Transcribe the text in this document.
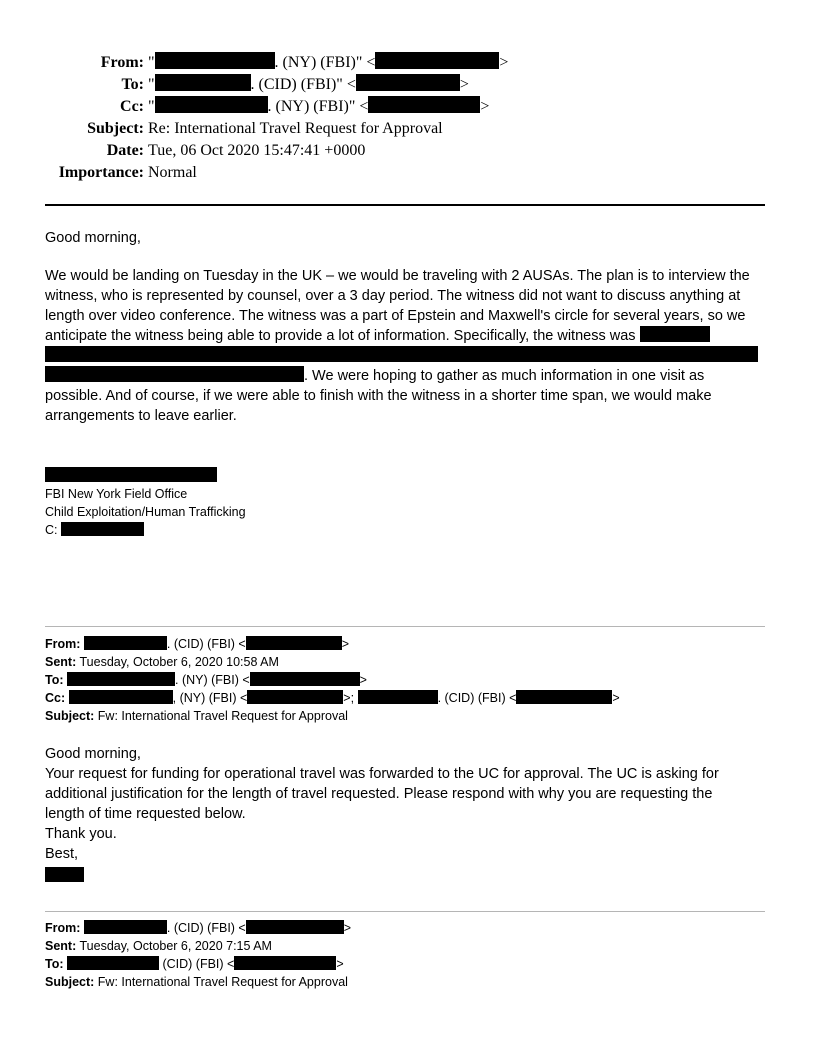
From: "	. (NY) (FBI)" <	>
To: "	. (CID) (FBI)" <	>
Cc: "	. (NY) (FBI)" <	>
Subject: Re: International Travel Request for Approval
Date: Tue, 06 Oct 2020 15:47:41 +0000
Importance: Normal
Good morning,
We would be landing on Tuesday in the UK – we would be traveling with 2 AUSAs. The plan is to interview the
witness, who is represented by counsel, over a 3 day period. The witness did not want to discuss anything at
length over video conference. The witness was a part of Epstein and Maxwell's circle for several years, so we
anticipate the witness being able to provide a lot of information. Specifically, the witness was
. We were hoping to gather as much information in one visit as
possible. And of course, if we were able to finish with the witness in a shorter time span, we would make
arrangements to leave earlier.
FBI New York Field Office
Child Exploitation/Human Trafficking
C:
From:	. (CID) (FBI) <	>
Sent: Tuesday, October 6, 2020 10:58 AM
To:	. (NY) (FBI) <	>
Cc:	, (NY) (FBI) <	>;	. (CID) (FBI) <	>
Subject: Fw: International Travel Request for Approval
Good morning,
Your request for funding for operational travel was forwarded to the UC for approval. The UC is asking for
additional justification for the length of travel requested. Please respond with why you are requesting the
length of time requested below.
Thank you.
Best,
From:	. (CID) (FBI) <	>
Sent: Tuesday, October 6, 2020 7:15 AM
To:	(CID) (FBI) <	>
Subject: Fw: International Travel Request for Approval
